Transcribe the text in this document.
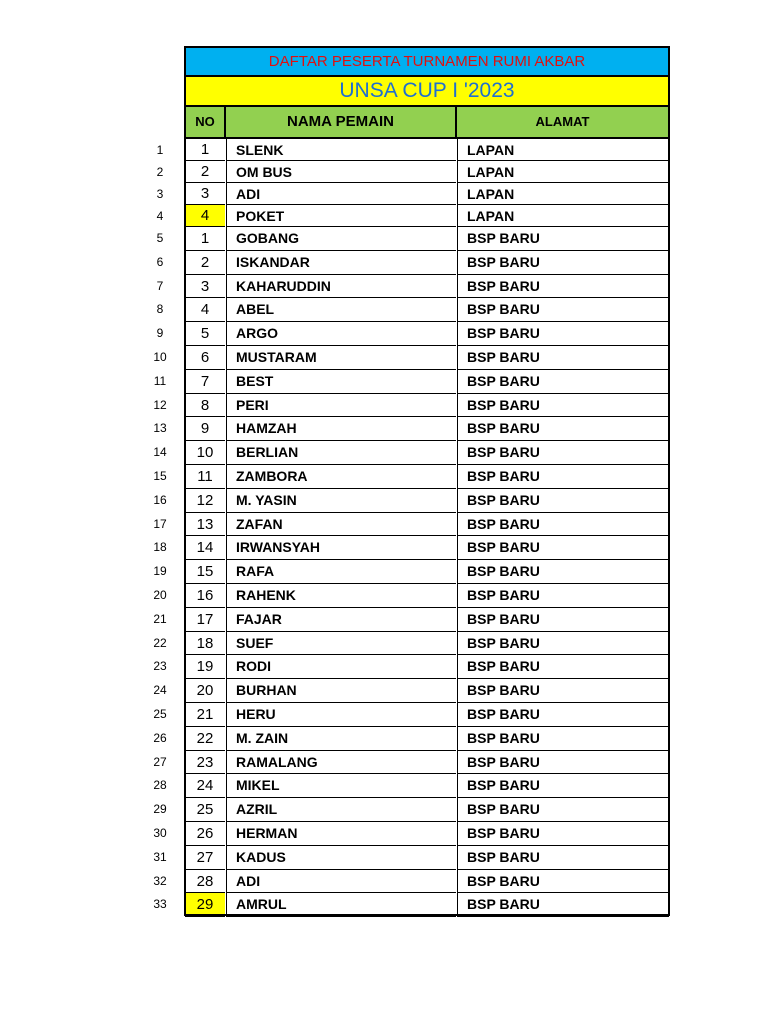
DAFTAR PESERTA TURNAMEN RUMI AKBAR
UNSA CUP I '2023
NO	NAMA PEMAIN	ALAMAT
1	1	SLENK	LAPAN
2	2	OM BUS	LAPAN
3	3	ADI	LAPAN
4	4	POKET	LAPAN
5	1	GOBANG	BSP BARU
6	2	ISKANDAR	BSP BARU
7	3	KAHARUDDIN	BSP BARU
8	4	ABEL	BSP BARU
9	5	ARGO	BSP BARU
10	6	MUSTARAM	BSP BARU
11	7	BEST	BSP BARU
12	8	PERI	BSP BARU
13	9	HAMZAH	BSP BARU
14	10	BERLIAN	BSP BARU
15	11	ZAMBORA	BSP BARU
16	12	M. YASIN	BSP BARU
17	13	ZAFAN	BSP BARU
18	14	IRWANSYAH	BSP BARU
19	15	RAFA	BSP BARU
20	16	RAHENK	BSP BARU
21	17	FAJAR	BSP BARU
22	18	SUEF	BSP BARU
23	19	RODI	BSP BARU
24	20	BURHAN	BSP BARU
25	21	HERU	BSP BARU
26	22	M. ZAIN	BSP BARU
27	23	RAMALANG	BSP BARU
28	24	MIKEL	BSP BARU
29	25	AZRIL	BSP BARU
30	26	HERMAN	BSP BARU
31	27	KADUS	BSP BARU
32	28	ADI	BSP BARU
33	29	AMRUL	BSP BARU
